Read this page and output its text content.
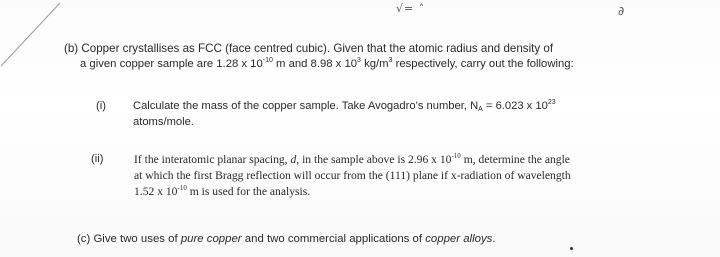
√= ˄	∂
(b) Copper crystallises as FCC (face centred cubic). Given that the atomic radius and density of
a given copper sample are 1.28 x $10^{-10}$ m and 8.98 x $10^3$ $kg/m^3$ respectively, carry out the following:
(i) Calculate the mass of the copper sample. Take Avogadro’s number, $N_A = 6.023$ x $10^{23}$
atoms/mole.
(ii)	If the interatomic planar spacing, d, in the sample above is 2.96 x $10^{-10}$ m, determine the angle
at which the first Bragg reflection will occur from the (111) plane if x-radiation of wavelength
1.52 x $10^{-10}$ m is used for the analysis.
(c) Give two uses of pure copper and two commercial applications of copper alloys.
